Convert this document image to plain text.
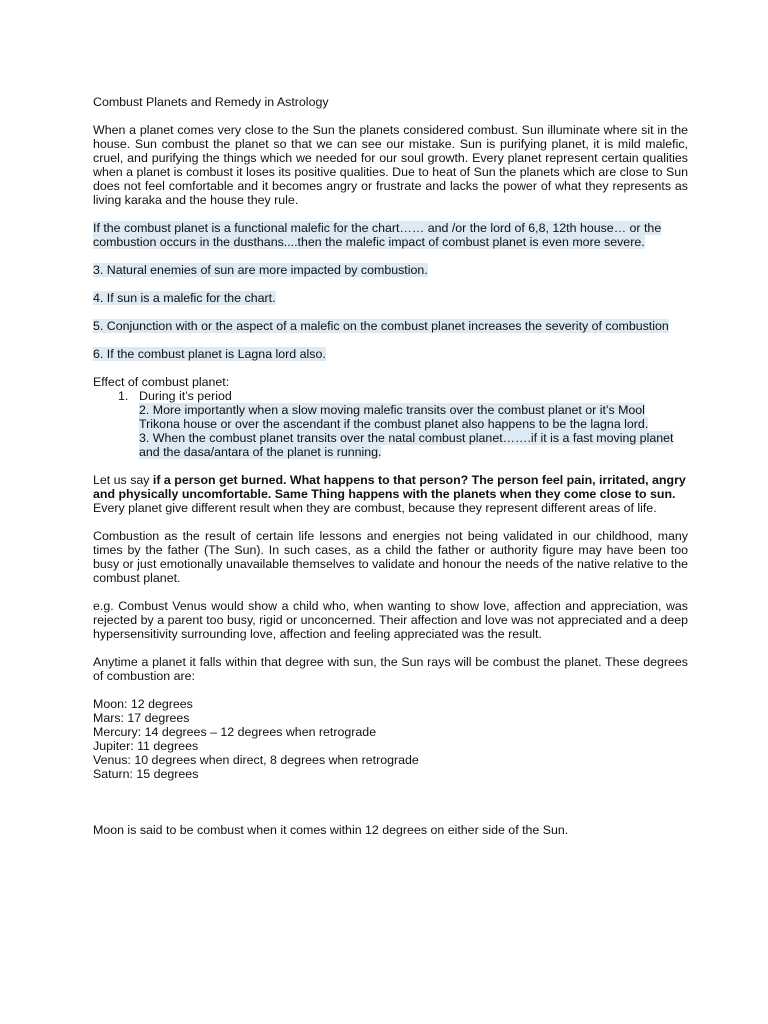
Combust Planets and Remedy in Astrology

When a planet comes very close to the Sun the planets considered combust. Sun illuminate where sit in the house. Sun combust the planet so that we can see our mistake. Sun is purifying planet, it is mild malefic, cruel, and purifying the things which we needed for our soul growth. Every planet represent certain qualities when a planet is combust it loses its positive qualities. Due to heat of Sun the planets which are close to Sun does not feel comfortable and it becomes angry or frustrate and lacks the power of what they represents as living karaka and the house they rule.

If the combust planet is a functional malefic for the chart…… and /or the lord of 6,8, 12th house… or the combustion occurs in the dusthans....then the malefic impact of combust planet is even more severe.

3. Natural enemies of sun are more impacted by combustion.

4. If sun is a malefic for the chart.

5. Conjunction with or the aspect of a malefic on the combust planet increases the severity of combustion

6. If the combust planet is Lagna lord also.

Effect of combust planet:

1. During it’s period
2. More importantly when a slow moving malefic transits over the combust planet or it’s Mool Trikona house or over the ascendant if the combust planet also happens to be the lagna lord.
3. When the combust planet transits over the natal combust planet…….if it is a fast moving planet and the dasa/antara of the planet is running.

Let us say if a person get burned. What happens to that person? The person feel pain, irritated, angry and physically uncomfortable. Same Thing happens with the planets when they come close to sun. Every planet give different result when they are combust, because they represent different areas of life.

Combustion as the result of certain life lessons and energies not being validated in our childhood, many times by the father (The Sun). In such cases, as a child the father or authority figure may have been too busy or just emotionally unavailable themselves to validate and honour the needs of the native relative to the combust planet.

e.g. Combust Venus would show a child who, when wanting to show love, affection and appreciation, was rejected by a parent too busy, rigid or unconcerned. Their affection and love was not appreciated and a deep hypersensitivity surrounding love, affection and feeling appreciated was the result.

Anytime a planet it falls within that degree with sun, the Sun rays will be combust the planet. These degrees of combustion are:

Moon: 12 degrees

Mars: 17 degrees

Mercury: 14 degrees – 12 degrees when retrograde

Jupiter: 11 degrees

Venus: 10 degrees when direct, 8 degrees when retrograde

Saturn: 15 degrees

Moon is said to be combust when it comes within 12 degrees on either side of the Sun.
